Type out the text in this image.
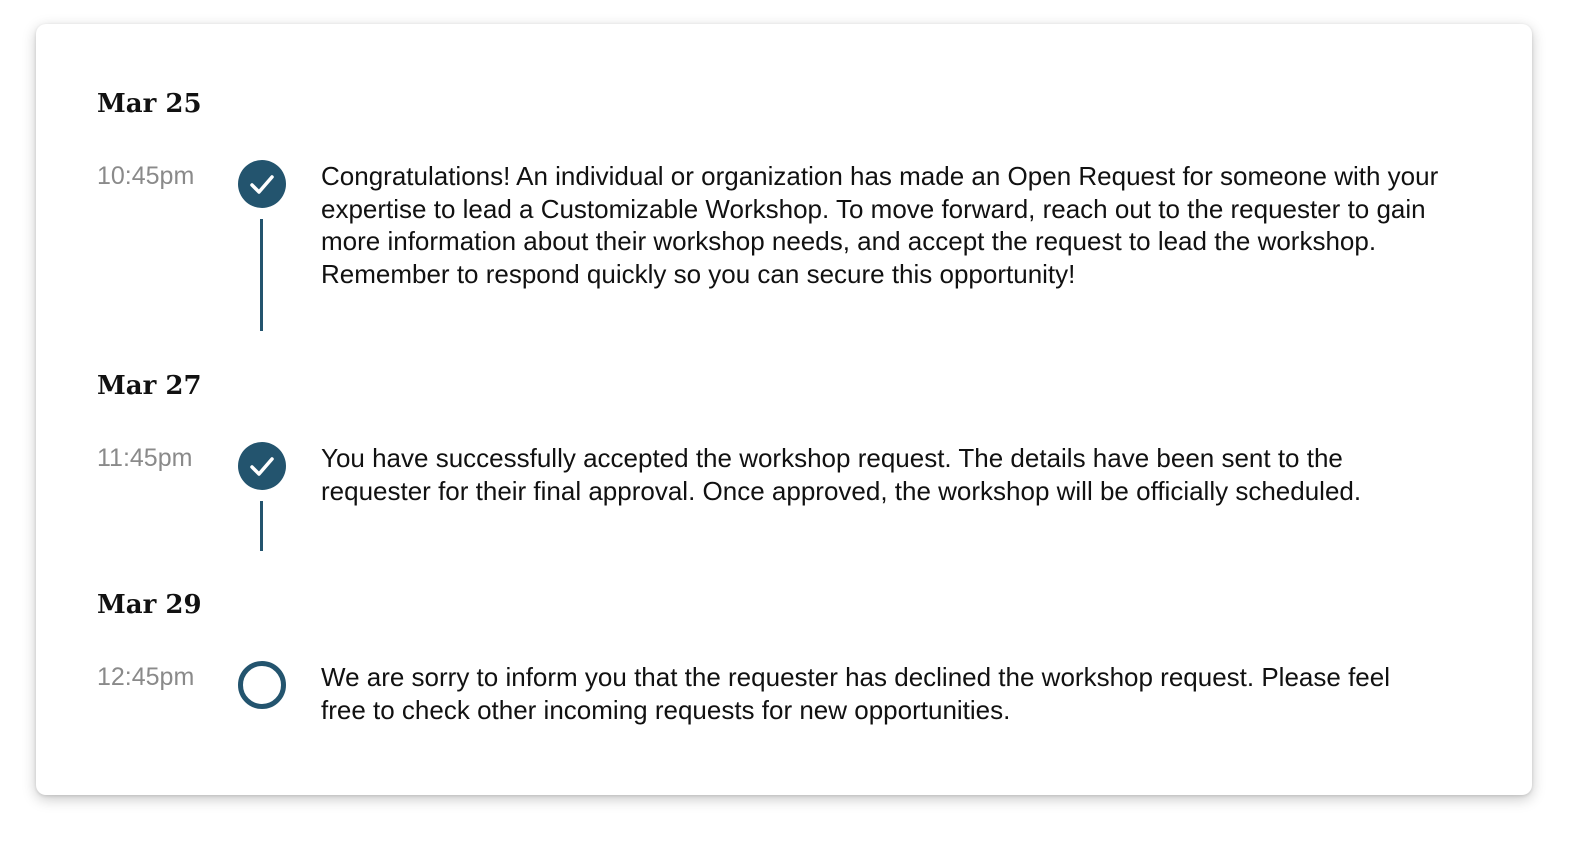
Mar 25
10:45pm	Congratulations! An individual or organization has made an Open Request for someone with your expertise to lead a Customizable Workshop. To move forward, reach out to the requester to gain more information about their workshop needs, and accept the request to lead the workshop. Remember to respond quickly so you can secure this opportunity!

Mar 27
11:45pm	You have successfully accepted the workshop request. The details have been sent to the requester for their final approval. Once approved, the workshop will be officially scheduled.

Mar 29
12:45pm	We are sorry to inform you that the requester has declined the workshop request. Please feel free to check other incoming requests for new opportunities.
